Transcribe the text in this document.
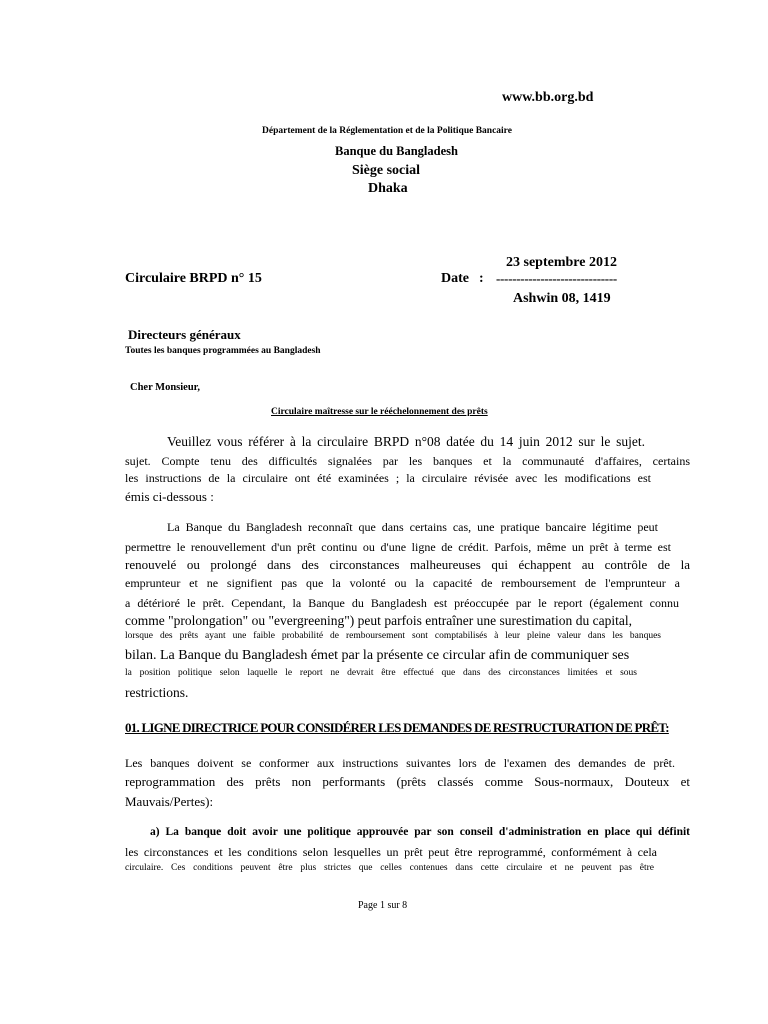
www.bb.org.bd
Département de la Réglementation et de la Politique Bancaire
Banque du Bangladesh
Siège social
Dhaka
23 septembre 2012
Circulaire BRPD n° 15	Date : ------------------------------
Ashwin 08, 1419
Directeurs généraux
Toutes les banques programmées au Bangladesh
Cher Monsieur,
Circulaire maîtresse sur le rééchelonnement des prêts
Veuillez vous référer à la circulaire BRPD n°08 datée du 14 juin 2012 sur le sujet.
sujet. Compte tenu des difficultés signalées par les banques et la communauté d'affaires, certains
les instructions de la circulaire ont été examinées ; la circulaire révisée avec les modifications est
émis ci-dessous :
La Banque du Bangladesh reconnaît que dans certains cas, une pratique bancaire légitime peut
permettre le renouvellement d'un prêt continu ou d'une ligne de crédit. Parfois, même un prêt à terme est
renouvelé ou prolongé dans des circonstances malheureuses qui échappent au contrôle de la
emprunteur et ne signifient pas que la volonté ou la capacité de remboursement de l'emprunteur a
a détérioré le prêt. Cependant, la Banque du Bangladesh est préoccupée par le report (également connu
comme "prolongation" ou "evergreening") peut parfois entraîner une surestimation du capital,
lorsque des prêts ayant une faible probabilité de remboursement sont comptabilisés à leur pleine valeur dans les banques
bilan. La Banque du Bangladesh émet par la présente ce circular afin de communiquer ses
la position politique selon laquelle le report ne devrait être effectué que dans des circonstances limitées et sous
restrictions.
01. LIGNE DIRECTRICE POUR CONSIDÉRER LES DEMANDES DE RESTRUCTURATION DE PRÊT:
Les banques doivent se conformer aux instructions suivantes lors de l'examen des demandes de prêt.
reprogrammation des prêts non performants (prêts classés comme Sous-normaux, Douteux et
Mauvais/Pertes):
a) La banque doit avoir une politique approuvée par son conseil d'administration en place qui définit
les circonstances et les conditions selon lesquelles un prêt peut être reprogrammé, conformément à cela
circulaire. Ces conditions peuvent être plus strictes que celles contenues dans cette circulaire et ne peuvent pas être
Page 1 sur 8
